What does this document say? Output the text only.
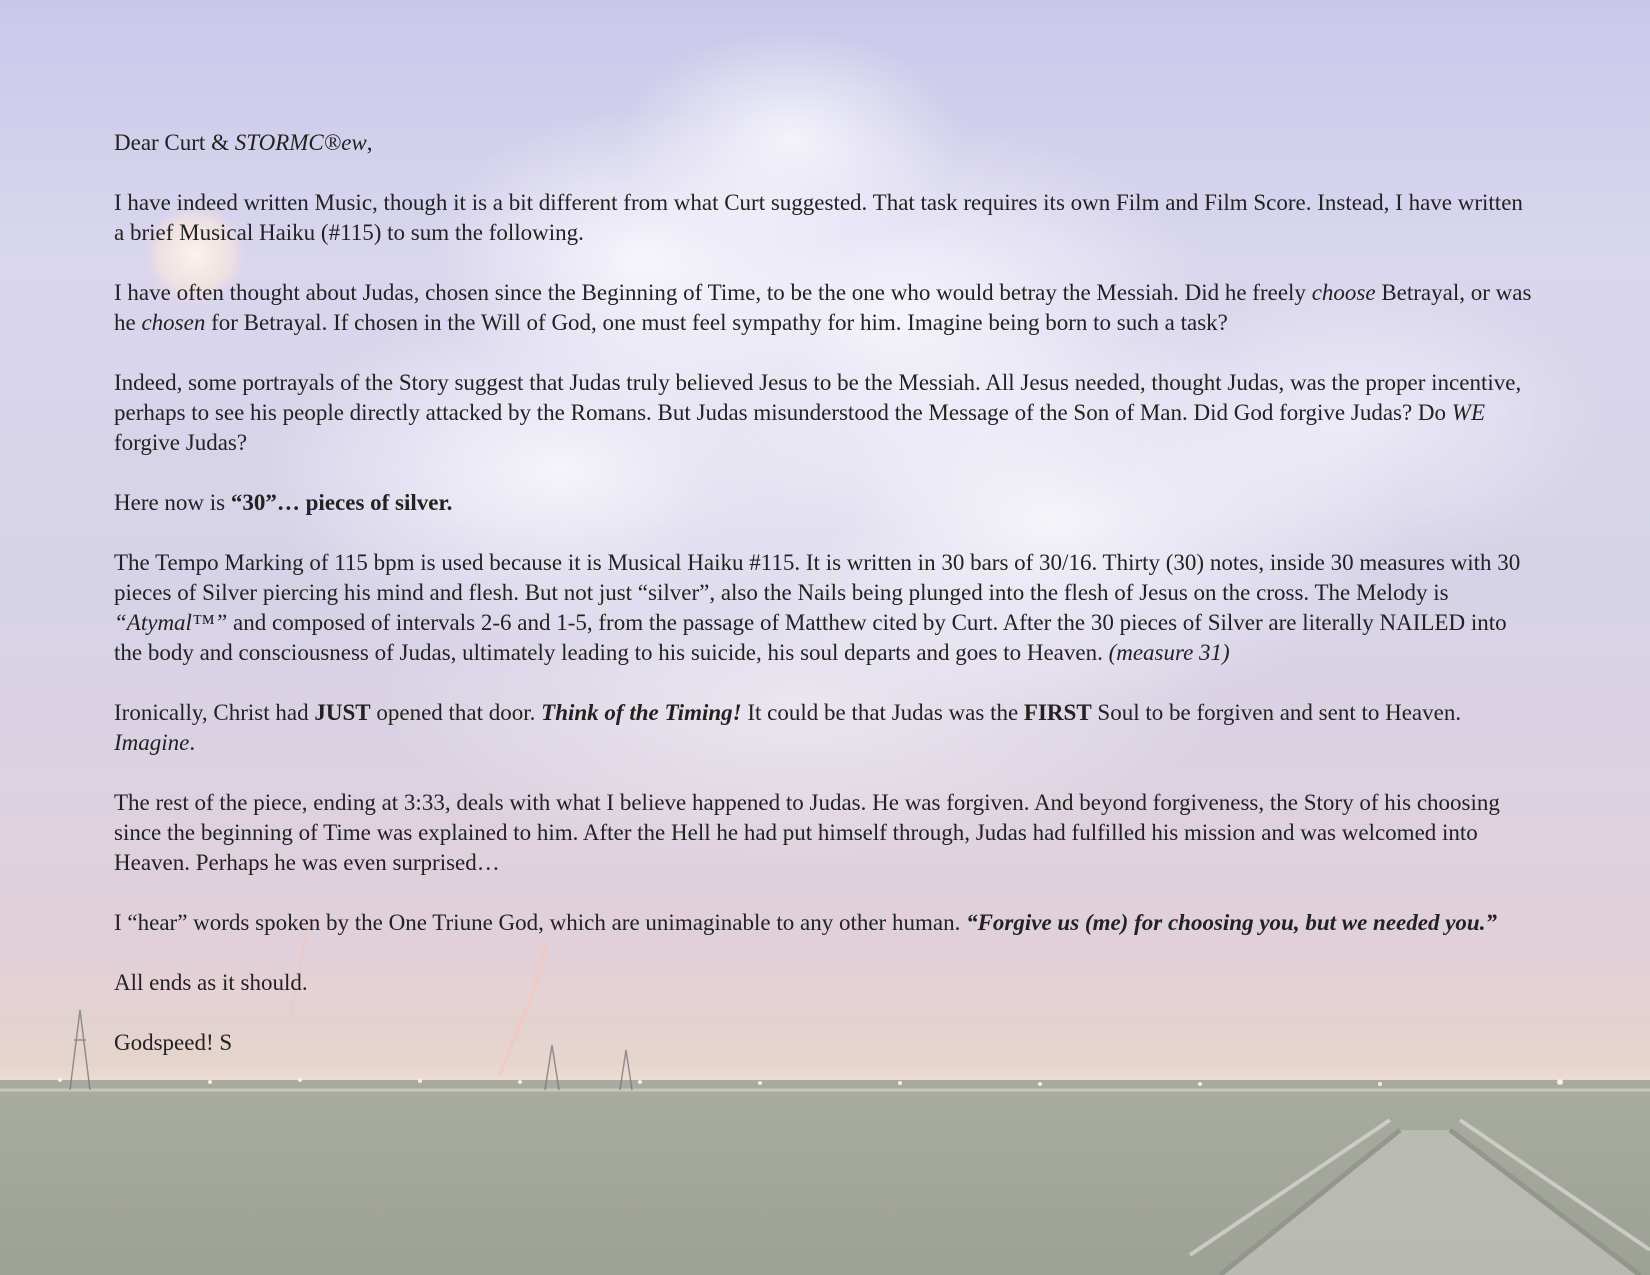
Dear Curt & STORMC®ew,

I have indeed written Music, though it is a bit different from what Curt suggested. That task requires its own Film and Film Score. Instead, I have written a brief Musical Haiku (#115) to sum the following.

I have often thought about Judas, chosen since the Beginning of Time, to be the one who would betray the Messiah. Did he freely choose Betrayal, or was he chosen for Betrayal. If chosen in the Will of God, one must feel sympathy for him. Imagine being born to such a task?

Indeed, some portrayals of the Story suggest that Judas truly believed Jesus to be the Messiah. All Jesus needed, thought Judas, was the proper incentive, perhaps to see his people directly attacked by the Romans. But Judas misunderstood the Message of the Son of Man. Did God forgive Judas? Do WE forgive Judas?

Here now is “30”… pieces of silver.

The Tempo Marking of 115 bpm is used because it is Musical Haiku #115. It is written in 30 bars of 30/16. Thirty (30) notes, inside 30 measures with 30 pieces of Silver piercing his mind and flesh. But not just “silver”, also the Nails being plunged into the flesh of Jesus on the cross. The Melody is “Atymal™” and composed of intervals 2-6 and 1-5, from the passage of Matthew cited by Curt. After the 30 pieces of Silver are literally NAILED into the body and consciousness of Judas, ultimately leading to his suicide, his soul departs and goes to Heaven. (measure 31)

Ironically, Christ had JUST opened that door. Think of the Timing! It could be that Judas was the FIRST Soul to be forgiven and sent to Heaven. Imagine.

The rest of the piece, ending at 3:33, deals with what I believe happened to Judas. He was forgiven. And beyond forgiveness, the Story of his choosing since the beginning of Time was explained to him. After the Hell he had put himself through, Judas had fulfilled his mission and was welcomed into Heaven. Perhaps he was even surprised…

I “hear” words spoken by the One Triune God, which are unimaginable to any other human. “Forgive us (me) for choosing you, but we needed you.”

All ends as it should.

Godspeed! S
